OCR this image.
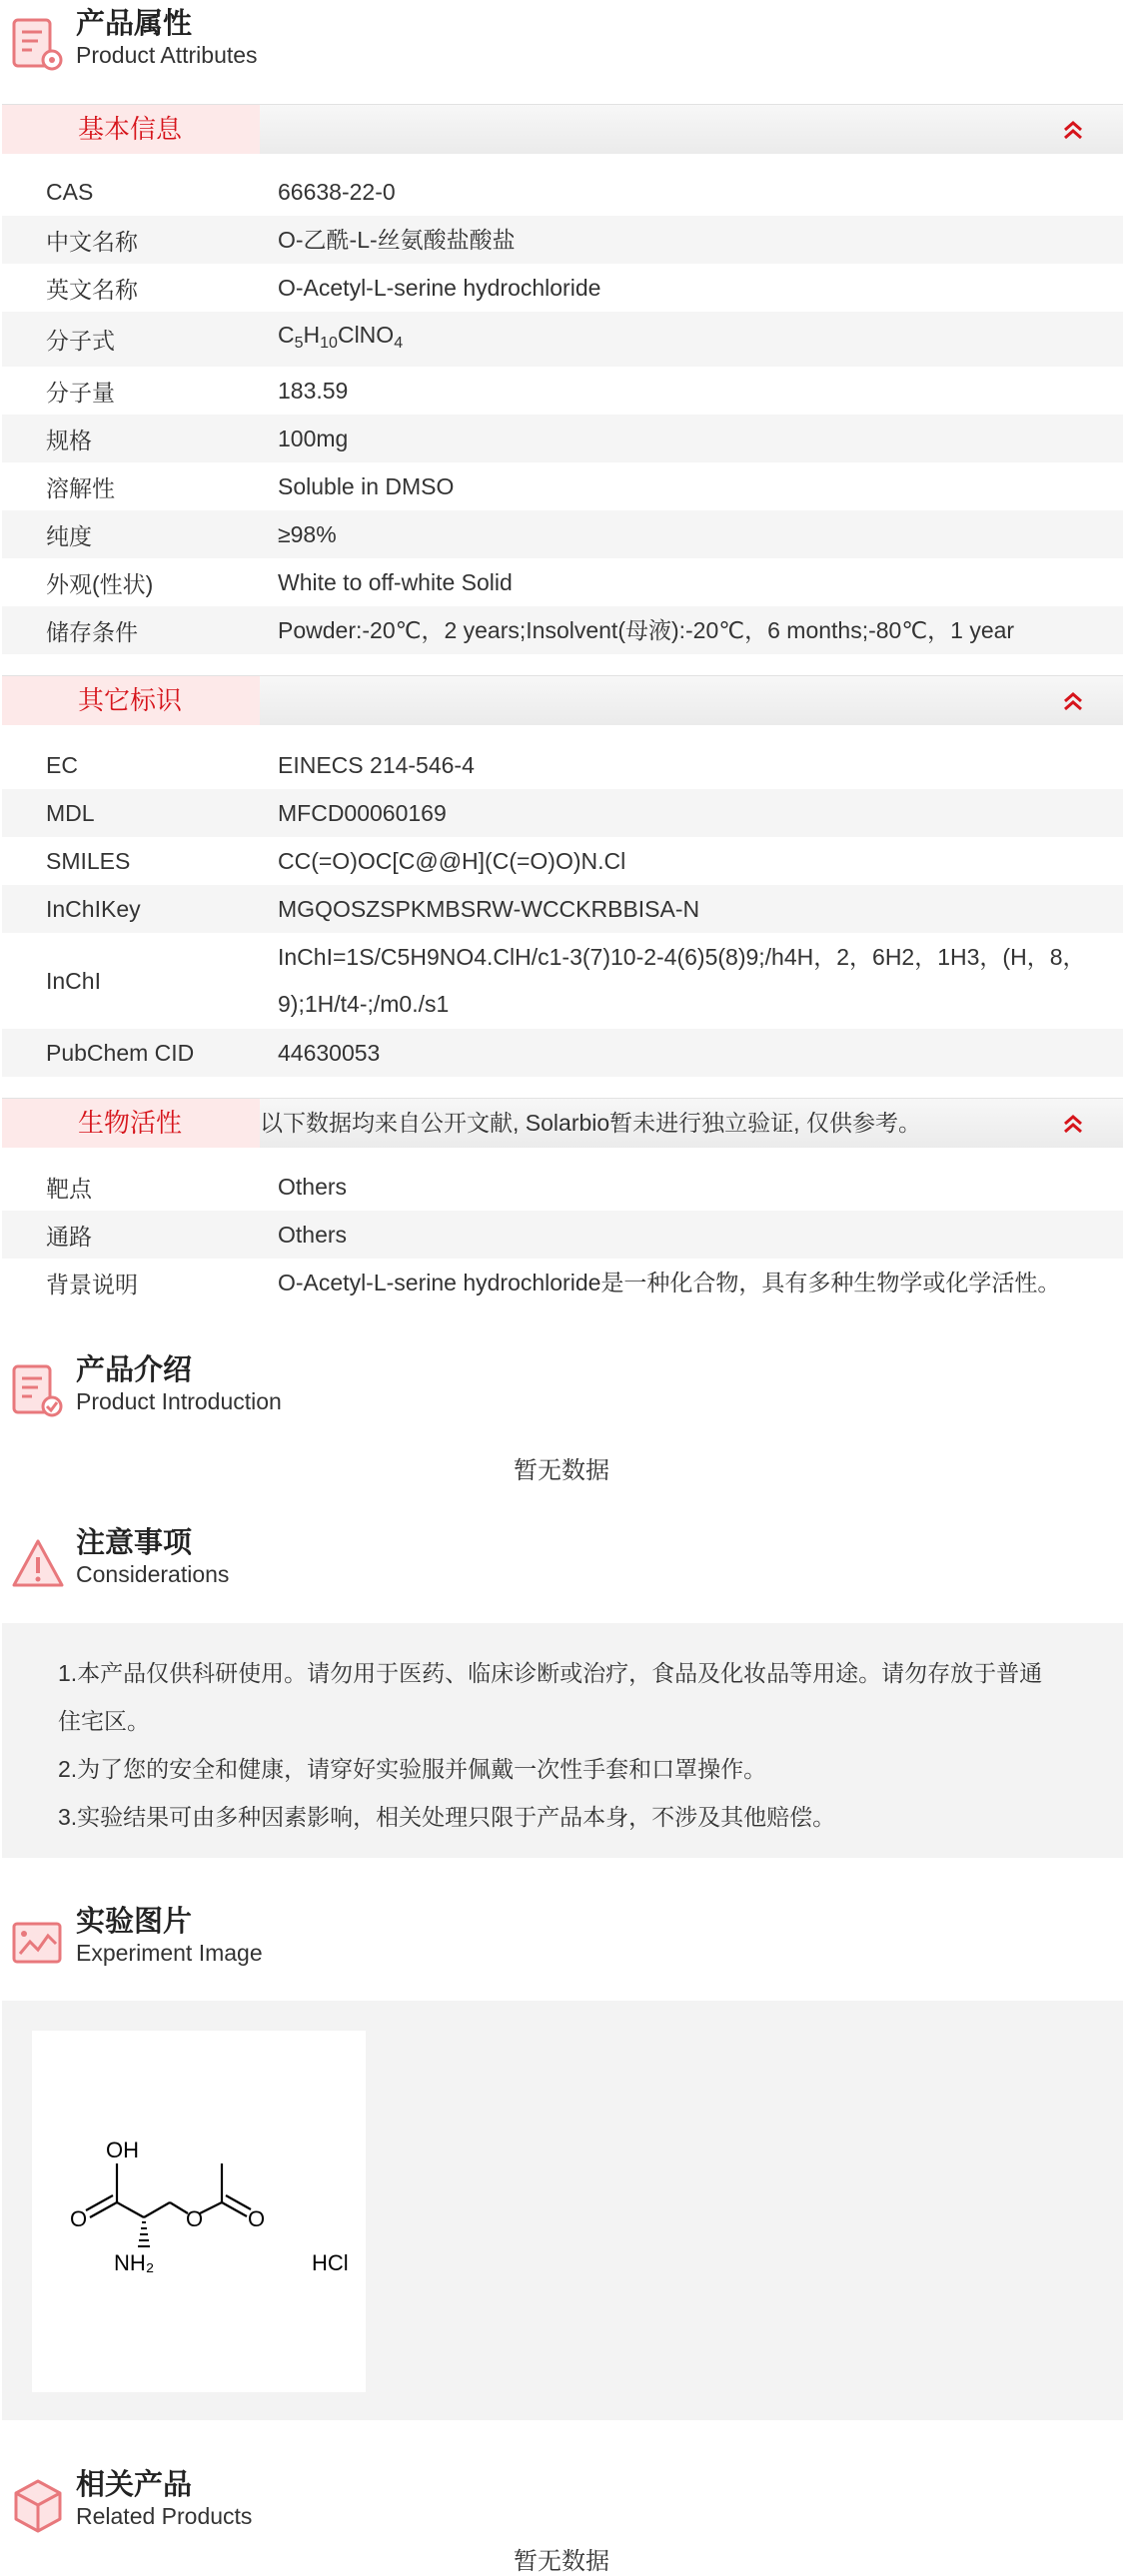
产品属性
Product Attributes
基本信息
CAS	66638-22-0
中文名称	O-乙酰-L-丝氨酸盐酸盐
英文名称	O-Acetyl-L-serine hydrochloride
分子式	$C_5H_{10}ClNO_4$
分子量	183.59
规格	100mg
溶解性	Soluble in DMSO
纯度	≥98%
外观(性状)	White to off-white Solid
储存条件	Powder:-20℃，2 years;Insolvent(母液):-20℃，6 months;-80℃，1 year
其它标识
EC	EINECS 214-546-4
MDL	MFCD00060169
SMILES	CC(=O)OC[C@@H](C(=O)O)N.Cl
InChIKey	MGQOSZSPKMBSRW-WCCKRBBISA-N
InChI
InChI=1S/C5H9NO4.ClH/c1-3(7)10-2-4(6)5(8)9;/h4H，2，6H2，1H3，(H，8，9);1H/t4-;/m0./s1
PubChem CID	44630053
生物活性	以下数据均来自公开文献, Solarbio暂未进行独立验证, 仅供参考。
靶点	Others
通路	Others
背景说明	O-Acetyl-L-serine hydrochloride是一种化合物，具有多种生物学或化学活性。
产品介绍
Product Introduction
暂无数据
注意事项
Considerations

1.本产品仅供科研使用。请勿用于医药、临床诊断或治疗，食品及化妆品等用途。请勿存放于普通住宅区。

2.为了您的安全和健康，请穿好实验服并佩戴一次性手套和口罩操作。

3.实验结果可由多种因素影响，相关处理只限于产品本身，不涉及其他赔偿。

实验图片
Experiment Image
OH
O	O O
NH₂	HCl
相关产品
Related Products
暂无数据
